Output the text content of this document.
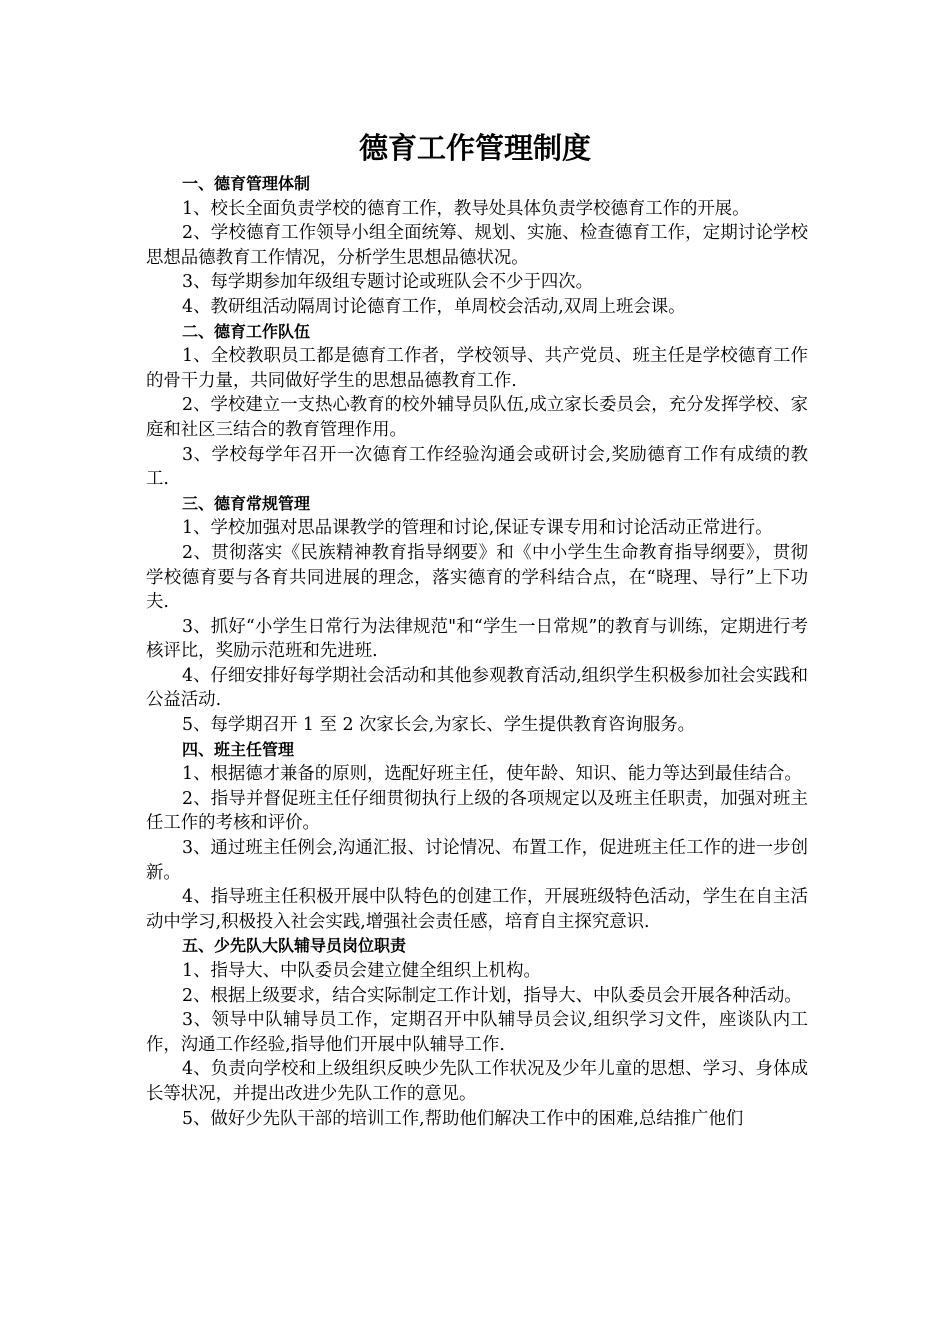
德育工作管理制度

一、德育管理体制

1、校长全面负责学校的德育工作，教导处具体负责学校德育工作的开展。

2、学校德育工作领导小组全面统筹、规划、实施、检查德育工作，定期讨论学校思想品德教育工作情况，分析学生思想品德状况。

3、每学期参加年级组专题讨论或班队会不少于四次。

4、教研组活动隔周讨论德育工作，单周校会活动,双周上班会课。

二、德育工作队伍

1、全校教职员工都是德育工作者，学校领导、共产党员、班主任是学校德育工作的骨干力量，共同做好学生的思想品德教育工作.

2、学校建立一支热心教育的校外辅导员队伍,成立家长委员会，充分发挥学校、家庭和社区三结合的教育管理作用。

3、学校每学年召开一次德育工作经验沟通会或研讨会,奖励德育工作有成绩的教工.

三、德育常规管理

1、学校加强对思品课教学的管理和讨论,保证专课专用和讨论活动正常进行。

2、贯彻落实《民族精神教育指导纲要》和《中小学生生命教育指导纲要》，贯彻学校德育要与各育共同进展的理念，落实德育的学科结合点，在“晓理、导行”上下功夫.

3、抓好“小学生日常行为法律规范"和“学生一日常规”的教育与训练，定期进行考核评比，奖励示范班和先进班.

4、仔细安排好每学期社会活动和其他参观教育活动,组织学生积极参加社会实践和公益活动.

5、每学期召开 1 至 2 次家长会,为家长、学生提供教育咨询服务。

四、班主任管理

1、根据德才兼备的原则，选配好班主任，使年龄、知识、能力等达到最佳结合。

2、指导并督促班主任仔细贯彻执行上级的各项规定以及班主任职责，加强对班主任工作的考核和评价。

3、通过班主任例会,沟通汇报、讨论情况、布置工作，促进班主任工作的进一步创新。

4、指导班主任积极开展中队特色的创建工作，开展班级特色活动，学生在自主活动中学习,积极投入社会实践,增强社会责任感，培育自主探究意识.

五、少先队大队辅导员岗位职责

1、指导大、中队委员会建立健全组织上机构。

2、根据上级要求，结合实际制定工作计划，指导大、中队委员会开展各种活动。

3、领导中队辅导员工作，定期召开中队辅导员会议,组织学习文件，座谈队内工作，沟通工作经验,指导他们开展中队辅导工作.

4、负责向学校和上级组织反映少先队工作状况及少年儿童的思想、学习、身体成长等状况，并提出改进少先队工作的意见。

5、做好少先队干部的培训工作,帮助他们解决工作中的困难,总结推广他们
